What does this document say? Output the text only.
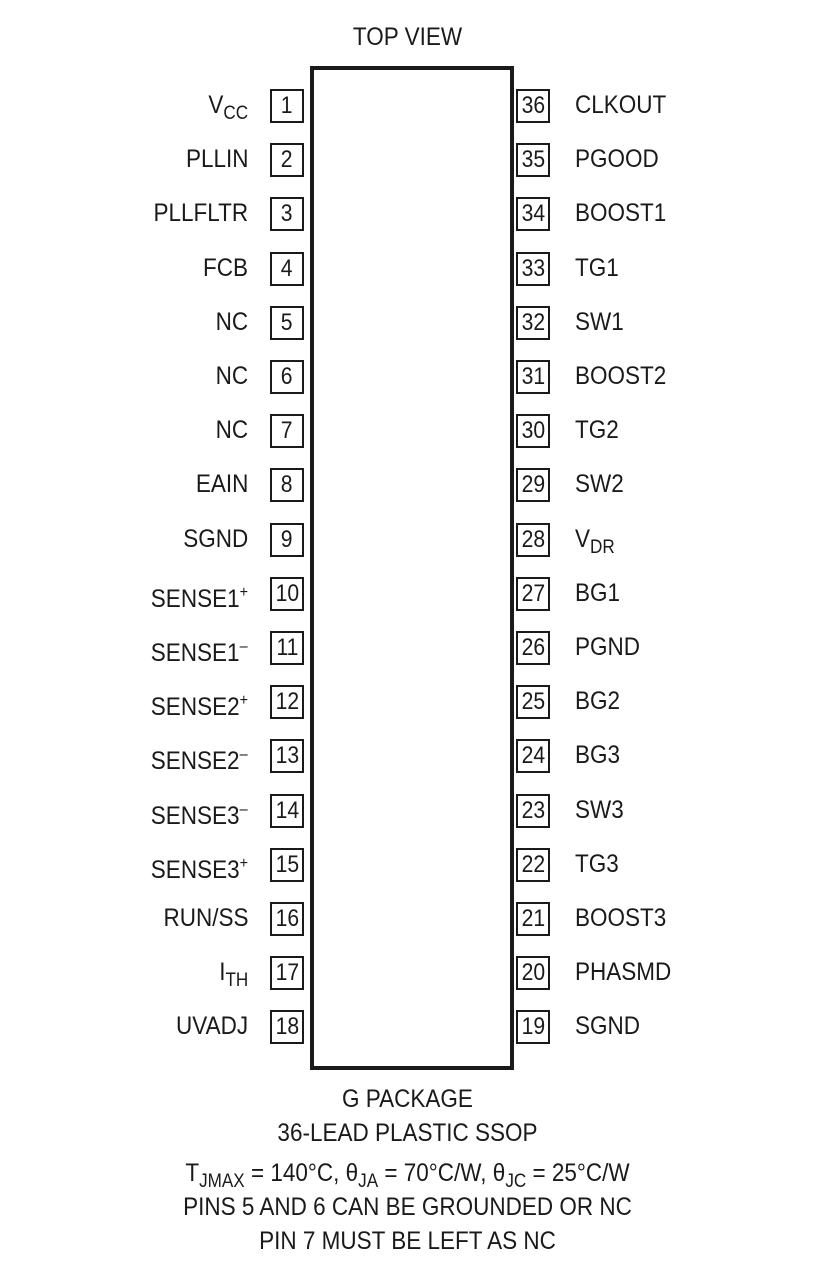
TOP VIEW
1
$V_{CC}$
2
PLLIN
3
PLLFLTR
4
FCB
5
NC
6
NC
7
NC
8
EAIN
9
SGND
10
SENSE1+
11
SENSE1–
12
SENSE2+
13
SENSE2–
14
SENSE3–
15
SENSE3+
16
RUN/SS
17
$I_{TH}$
18
UVADJ
36 CLKOUT
35 PGOOD
34 BOOST1
33 TG1
32 SW1
31 BOOST2
30 TG2
29 SW2
28 $V_{DR}$
27 BG1
26 PGND
25 BG2
24 BG3
23 SW3
22 TG3
21 BOOST3
20 PHASMD
19 SGND
G PACKAGE
36-LEAD PLASTIC SSOP
$T_{JMAX} = 140^\circ C$, $\theta_{JA} = 70^\circ C/W$, $\theta_{JC} = 25^\circ C/W$
PINS 5 AND 6 CAN BE GROUNDED OR NC
PIN 7 MUST BE LEFT AS NC
